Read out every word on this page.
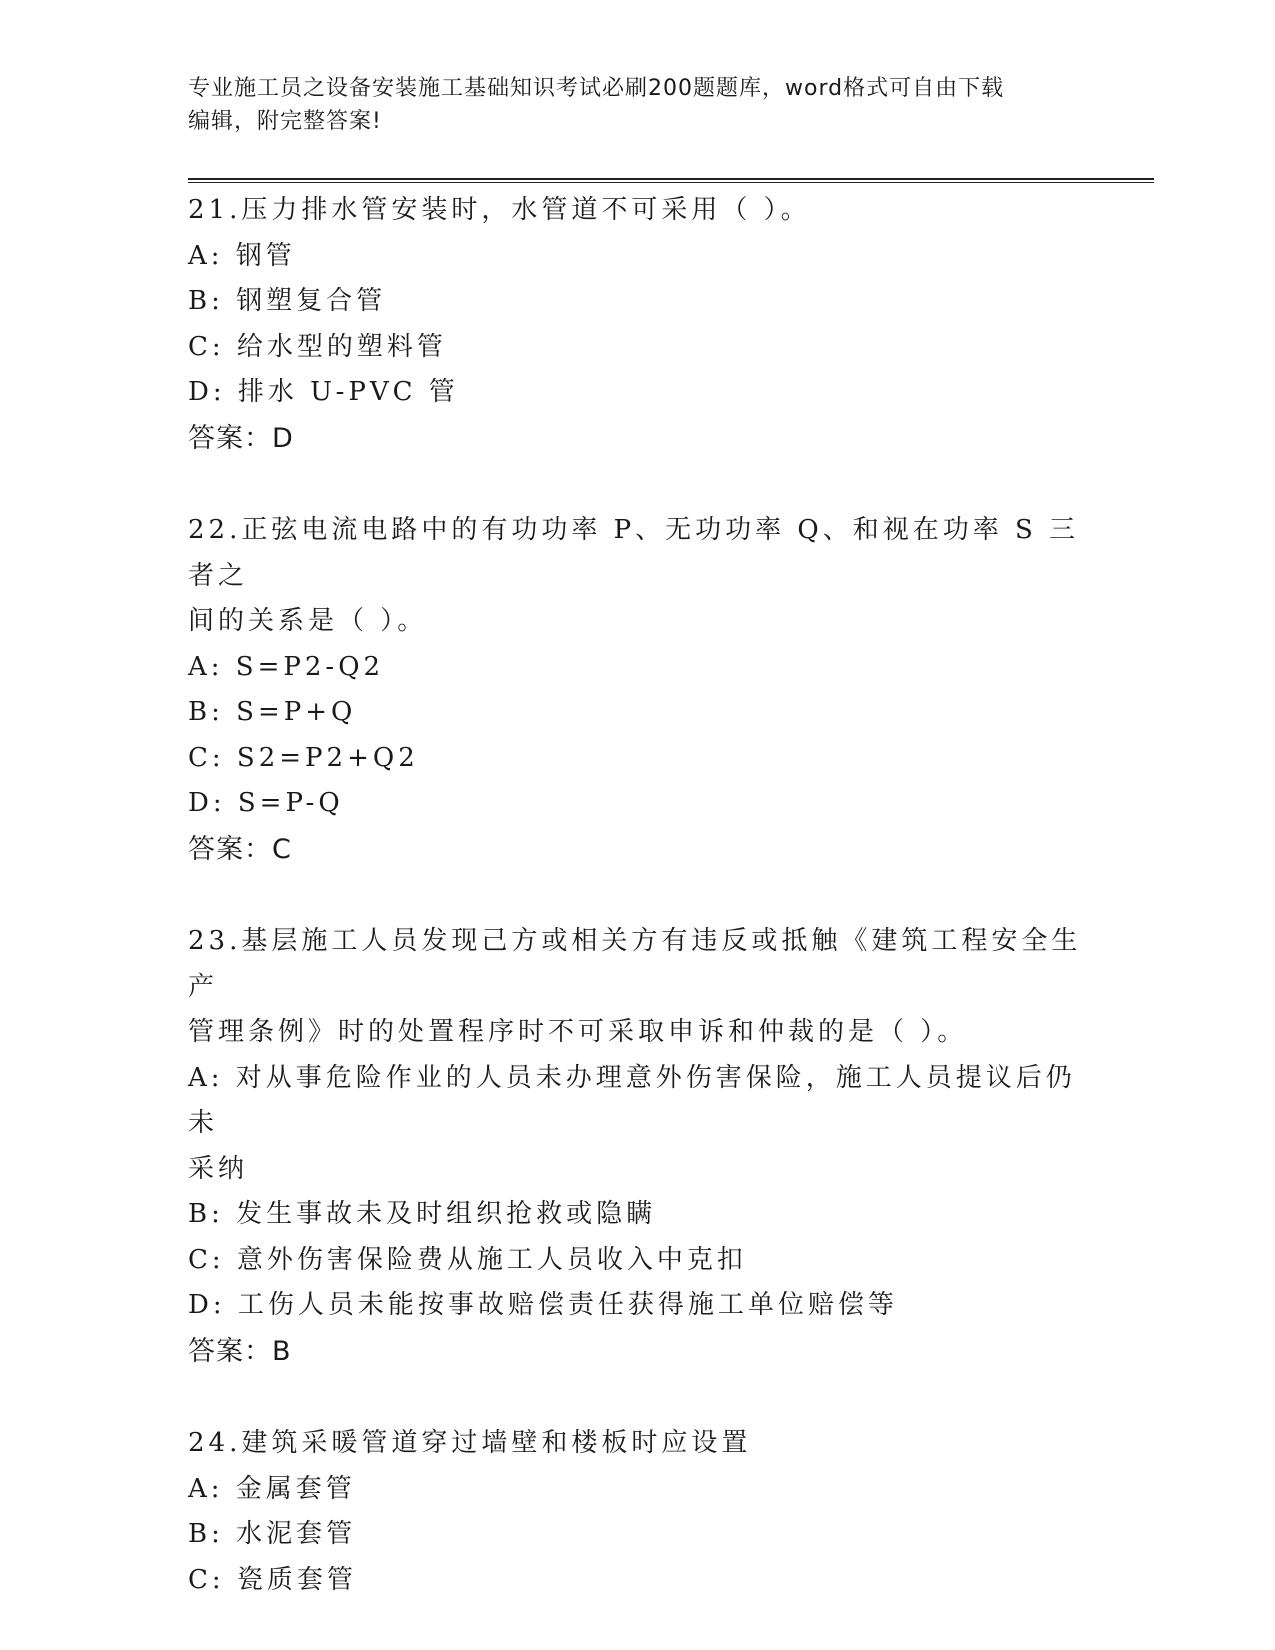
专业施工员之设备安装施工基础知识考试必刷200题题库，word格式可自由下载
编辑，附完整答案!
21.压力排水管安装时，水管道不可采用（ ）。
A: 钢管
B: 钢塑复合管
C: 给水型的塑料管
D: 排水 U-PVC 管
答案：D
22.正弦电流电路中的有功功率 P、无功功率 Q、和视在功率 S 三者之
间的关系是（ ）。
A: S=P2-Q2
B: S=P+Q
C: S2=P2+Q2
D: S=P-Q
答案：C
23.基层施工人员发现己方或相关方有违反或抵触《建筑工程安全生产
管理条例》时的处置程序时不可采取申诉和仲裁的是（ ）。
A: 对从事危险作业的人员未办理意外伤害保险，施工人员提议后仍未
采纳
B: 发生事故未及时组织抢救或隐瞒
C: 意外伤害保险费从施工人员收入中克扣
D: 工伤人员未能按事故赔偿责任获得施工单位赔偿等
答案：B
24.建筑采暖管道穿过墙壁和楼板时应设置
A: 金属套管
B: 水泥套管
C: 瓷质套管
